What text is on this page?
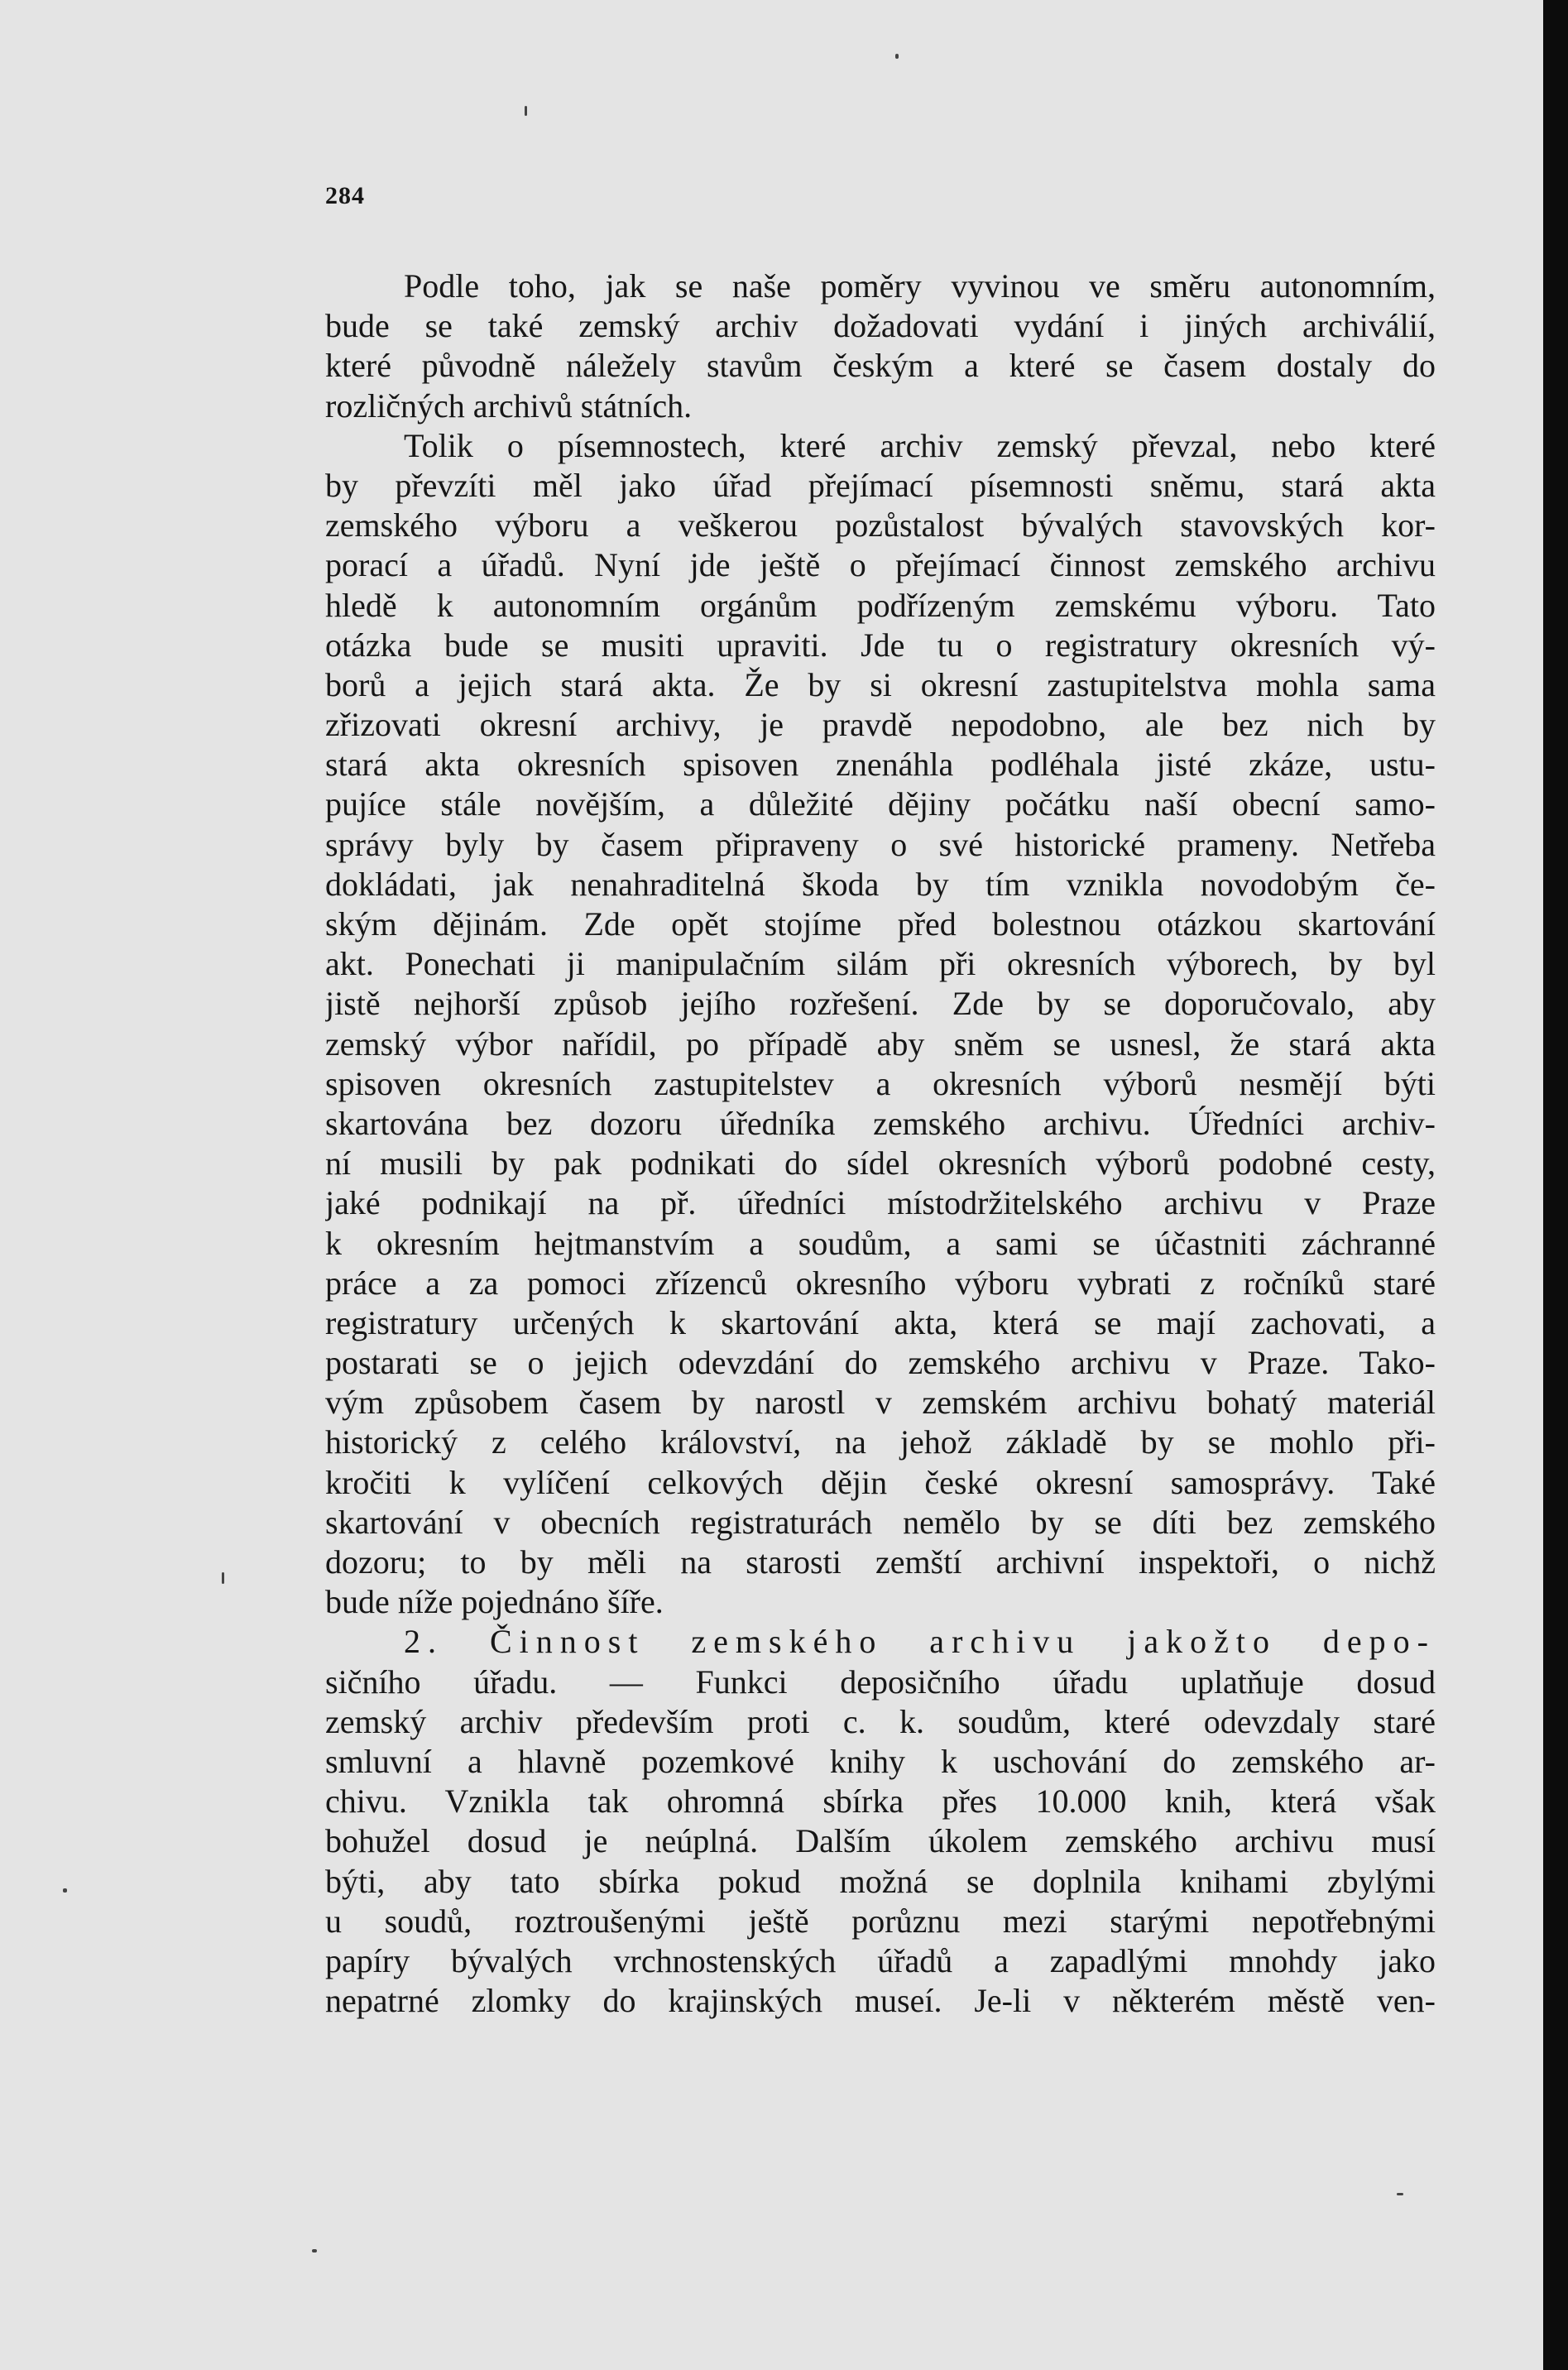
284
Podle toho, jak se naše poměry vyvinou ve směru autonomním,
bude se také zemský archiv dožadovati vydání i jiných archiválií,
které původně náležely stavům českým a které se časem dostaly do
rozličných archivů státních.
Tolik o písemnostech, které archiv zemský převzal, nebo které
by převzíti měl jako úřad přejímací písemnosti sněmu, stará akta
zemského výboru a veškerou pozůstalost bývalých stavovských kor-
porací a úřadů. Nyní jde ještě o přejímací činnost zemského archivu
hledě k autonomním orgánům podřízeným zemskému výboru. Tato
otázka bude se musiti upraviti. Jde tu o registratury okresních vý-
borů a jejich stará akta. Že by si okresní zastupitelstva mohla sama
zřizovati okresní archivy, je pravdě nepodobno, ale bez nich by
stará akta okresních spisoven znenáhla podléhala jisté zkáze, ustu-
pujíce stále novějším, a důležité dějiny počátku naší obecní samo-
správy byly by časem připraveny o své historické prameny. Netřeba
dokládati, jak nenahraditelná škoda by tím vznikla novodobým če-
ským dějinám. Zde opět stojíme před bolestnou otázkou skartování
akt. Ponechati ji manipulačním silám při okresních výborech, by byl
jistě nejhorší způsob jejího rozřešení. Zde by se doporučovalo, aby
zemský výbor nařídil, po případě aby sněm se usnesl, že stará akta
spisoven okresních zastupitelstev a okresních výborů nesmějí býti
skartována bez dozoru úředníka zemského archivu. Úředníci archiv-
ní musili by pak podnikati do sídel okresních výborů podobné cesty,
jaké podnikají na př. úředníci místodržitelského archivu v Praze
k okresním hejtmanstvím a soudům, a sami se účastniti záchranné
práce a za pomoci zřízenců okresního výboru vybrati z ročníků staré
registratury určených k skartování akta, která se mají zachovati, a
postarati se o jejich odevzdání do zemského archivu v Praze. Tako-
vým způsobem časem by narostl v zemském archivu bohatý materiál
historický z celého království, na jehož základě by se mohlo při-
kročiti k vylíčení celkových dějin české okresní samosprávy. Také
skartování v obecních registraturách nemělo by se díti bez zemského
dozoru; to by měli na starosti zemští archivní inspektoři, o nichž
bude níže pojednáno šíře.
2. Činnost zemského archivu jakožto depo-
sičního úřadu. — Funkci deposičního úřadu uplatňuje dosud
zemský archiv především proti c. k. soudům, které odevzdaly staré
smluvní a hlavně pozemkové knihy k uschování do zemského ar-
chivu. Vznikla tak ohromná sbírka přes 10.000 knih, která však
bohužel dosud je neúplná. Dalším úkolem zemského archivu musí
býti, aby tato sbírka pokud možná se doplnila knihami zbylými
u soudů, roztroušenými ještě porůznu mezi starými nepotřebnými
papíry bývalých vrchnostenských úřadů a zapadlými mnohdy jako
nepatrné zlomky do krajinských museí. Je-li v některém městě ven-
